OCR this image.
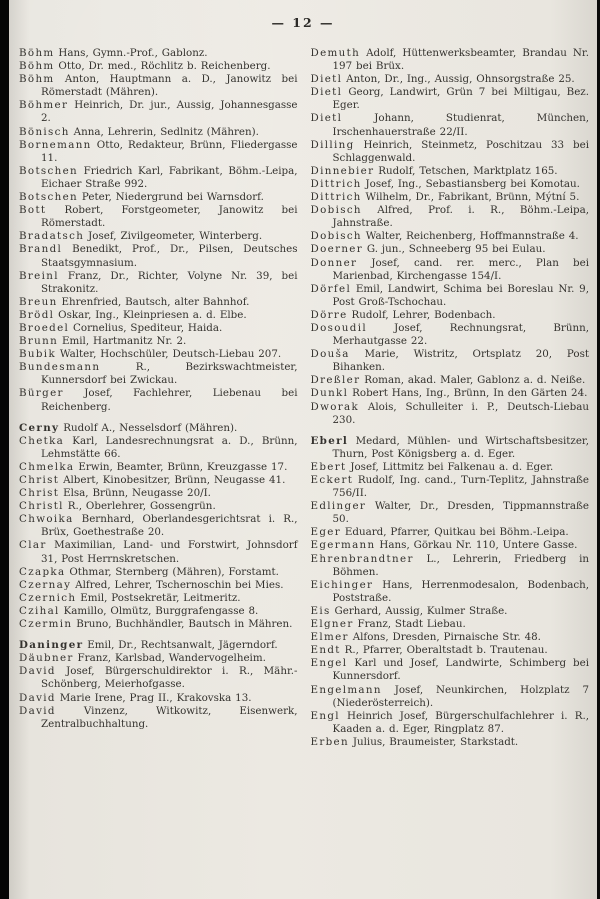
— 12 —
Böhm Hans, Gymn.-Prof., Gablonz.
Böhm Otto, Dr. med., Röchlitz b. Reichenberg.
Böhm Anton, Hauptmann a. D., Janowitz bei Römerstadt (Mähren).
Böhmer Heinrich, Dr. jur., Aussig, Johannesgasse 2.
Bönisch Anna, Lehrerin, Sedlnitz (Mähren).
Bornemann Otto, Redakteur, Brünn, Fliedergasse 11.
Botschen Friedrich Karl, Fabrikant, Böhm.-Leipa, Eichaer Straße 992.
Botschen Peter, Niedergrund bei Warnsdorf.
Bott Robert, Forstgeometer, Janowitz bei Römerstadt.
Bradatsch Josef, Zivilgeometer, Winterberg.
Brandl Benedikt, Prof., Dr., Pilsen, Deutsches Staatsgymnasium.
Breinl Franz, Dr., Richter, Volyne Nr. 39, bei Strakonitz.
Breun Ehrenfried, Bautsch, alter Bahnhof.
Brödl Oskar, Ing., Kleinpriesen a. d. Elbe.
Broedel Cornelius, Spediteur, Haida.
Brunn Emil, Hartmanitz Nr. 2.
Bubik Walter, Hochschüler, Deutsch-Liebau 207.
Bundesmann R., Bezirkswachtmeister, Kunnersdorf bei Zwickau.
Bürger Josef, Fachlehrer, Liebenau bei Reichenberg.
Cerny Rudolf A., Nesselsdorf (Mähren).
Chetka Karl, Landesrechnungsrat a. D., Brünn, Lehmstätte 66.
Chmelka Erwin, Beamter, Brünn, Kreuzgasse 17.
Christ Albert, Kinobesitzer, Brünn, Neugasse 41.
Christ Elsa, Brünn, Neugasse 20/I.
Christl R., Oberlehrer, Gossengrün.
Chwoika Bernhard, Oberlandesgerichtsrat i. R., Brüx, Goethestraße 20.
Clar Maximilian, Land- und Forstwirt, Johnsdorf 31, Post Herrnskretschen.
Czapka Othmar, Sternberg (Mähren), Forstamt.
Czernay Alfred, Lehrer, Tschernoschin bei Mies.
Czernich Emil, Postsekretär, Leitmeritz.
Czihal Kamillo, Olmütz, Burggrafengasse 8.
Czermin Bruno, Buchhändler, Bautsch in Mähren.
Daninger Emil, Dr., Rechtsanwalt, Jägerndorf.
Däubner Franz, Karlsbad, Wandervogelheim.
David Josef, Bürgerschuldirektor i. R., Mähr.-Schönberg, Meierhofgasse.
David Marie Irene, Prag II., Krakovska 13.
David Vinzenz, Witkowitz, Eisenwerk, Zentralbuchhaltung.
Demuth Adolf, Hüttenwerksbeamter, Brandau Nr. 197 bei Brüx.
Dietl Anton, Dr., Ing., Aussig, Ohnsorgstraße 25.
Dietl Georg, Landwirt, Grün 7 bei Miltigau, Bez. Eger.
Dietl Johann, Studienrat, München, Irschenhauerstraße 22/II.
Dilling Heinrich, Steinmetz, Poschitzau 33 bei Schlaggenwald.
Dinnebier Rudolf, Tetschen, Marktplatz 165.
Dittrich Josef, Ing., Sebastiansberg bei Komotau.
Dittrich Wilhelm, Dr., Fabrikant, Brünn, Mýtní 5.
Dobisch Alfred, Prof. i. R., Böhm.-Leipa, Jahnstraße.
Dobisch Walter, Reichenberg, Hoffmannstraße 4.
Doerner G. jun., Schneeberg 95 bei Eulau.
Donner Josef, cand. rer. merc., Plan bei Marienbad, Kirchengasse 154/I.
Dörfel Emil, Landwirt, Schima bei Boreslau Nr. 9, Post Groß-Tschochau.
Dörre Rudolf, Lehrer, Bodenbach.
Dosoudil Josef, Rechnungsrat, Brünn, Merhautgasse 22.
Douša Marie, Wistritz, Ortsplatz 20, Post Bihanken.
Dreßler Roman, akad. Maler, Gablonz a. d. Neiße.
Dunkl Robert Hans, Ing., Brünn, In den Gärten 24.
Dworak Alois, Schulleiter i. P., Deutsch-Liebau 230.
Eberl Medard, Mühlen- und Wirtschaftsbesitzer, Thurn, Post Königsberg a. d. Eger.
Ebert Josef, Littmitz bei Falkenau a. d. Eger.
Eckert Rudolf, Ing. cand., Turn-Teplitz, Jahnstraße 756/II.
Edlinger Walter, Dr., Dresden, Tippmannstraße 50.
Eger Eduard, Pfarrer, Quitkau bei Böhm.-Leipa.
Egermann Hans, Görkau Nr. 110, Untere Gasse.
Ehrenbrandtner L., Lehrerin, Friedberg in Böhmen.
Eichinger Hans, Herrenmodesalon, Bodenbach, Poststraße.
Eis Gerhard, Aussig, Kulmer Straße.
Elgner Franz, Stadt Liebau.
Elmer Alfons, Dresden, Pirnaische Str. 48.
Endt R., Pfarrer, Oberaltstadt b. Trautenau.
Engel Karl und Josef, Landwirte, Schimberg bei Kunnersdorf.
Engelmann Josef, Neunkirchen, Holzplatz 7 (Niederösterreich).
Engl Heinrich Josef, Bürgerschulfachlehrer i. R., Kaaden a. d. Eger, Ringplatz 87.
Erben Julius, Braumeister, Starkstadt.
